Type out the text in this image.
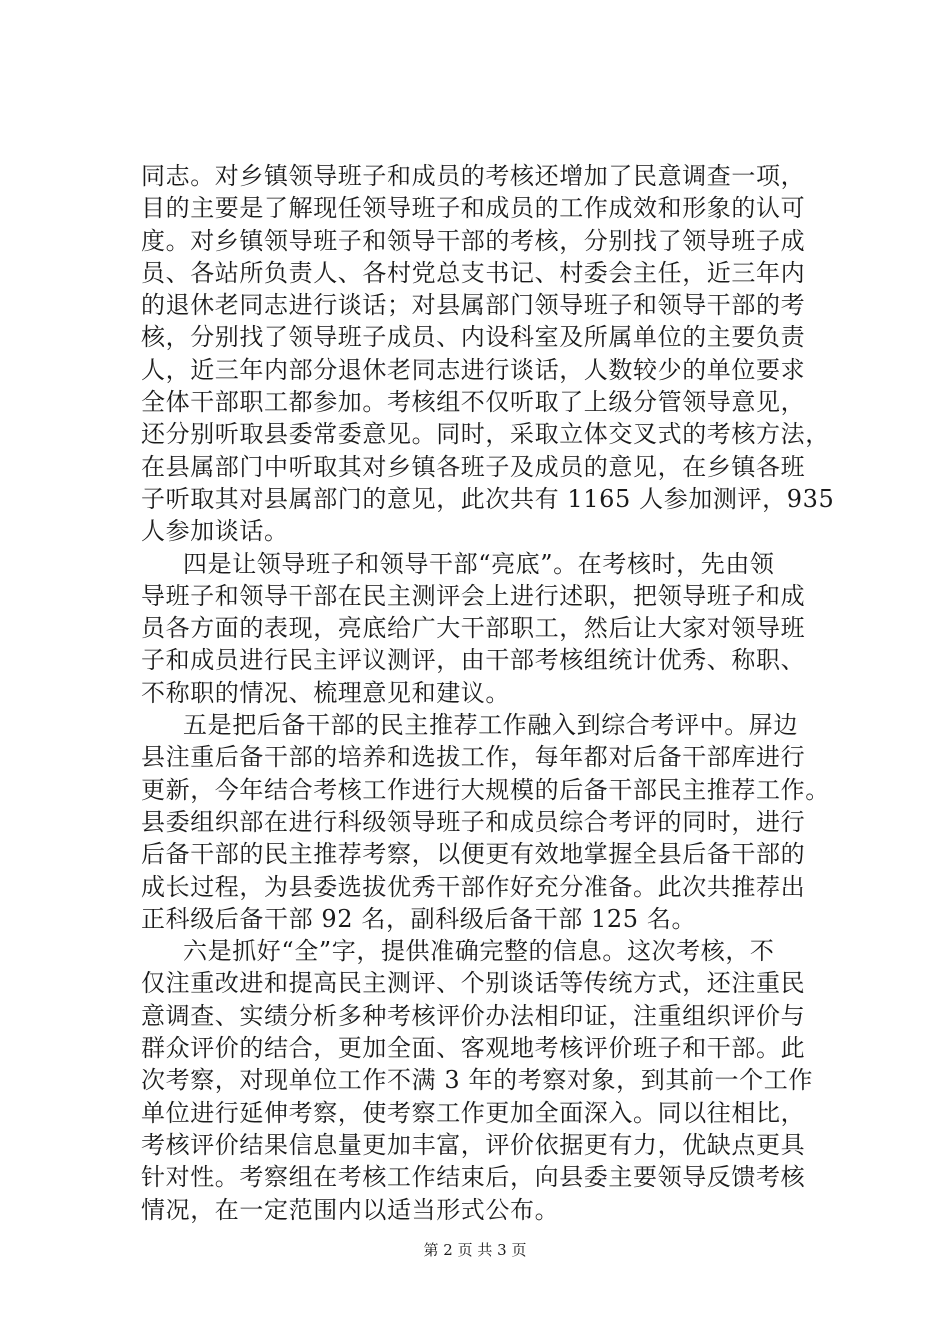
同志。对乡镇领导班子和成员的考核还增加了民意调查一项，
目的主要是了解现任领导班子和成员的工作成效和形象的认可
度。对乡镇领导班子和领导干部的考核，分别找了领导班子成
员、各站所负责人、各村党总支书记、村委会主任，近三年内
的退休老同志进行谈话；对县属部门领导班子和领导干部的考
核，分别找了领导班子成员、内设科室及所属单位的主要负责
人，近三年内部分退休老同志进行谈话，人数较少的单位要求
全体干部职工都参加。考核组不仅听取了上级分管领导意见，
还分别听取县委常委意见。同时，采取立体交叉式的考核方法，
在县属部门中听取其对乡镇各班子及成员的意见，在乡镇各班
子听取其对县属部门的意见，此次共有 1165 人参加测评，935
人参加谈话。
四是让领导班子和领导干部“亮底”。在考核时，先由领
导班子和领导干部在民主测评会上进行述职，把领导班子和成
员各方面的表现，亮底给广大干部职工，然后让大家对领导班
子和成员进行民主评议测评，由干部考核组统计优秀、称职、
不称职的情况、梳理意见和建议。
五是把后备干部的民主推荐工作融入到综合考评中。屏边
县注重后备干部的培养和选拔工作，每年都对后备干部库进行
更新，今年结合考核工作进行大规模的后备干部民主推荐工作。
县委组织部在进行科级领导班子和成员综合考评的同时，进行
后备干部的民主推荐考察，以便更有效地掌握全县后备干部的
成长过程，为县委选拔优秀干部作好充分准备。此次共推荐出
正科级后备干部 92 名，副科级后备干部 125 名。
六是抓好“全”字，提供准确完整的信息。这次考核，不
仅注重改进和提高民主测评、个别谈话等传统方式，还注重民
意调查、实绩分析多种考核评价办法相印证，注重组织评价与
群众评价的结合，更加全面、客观地考核评价班子和干部。此
次考察，对现单位工作不满 3 年的考察对象，到其前一个工作
单位进行延伸考察，使考察工作更加全面深入。同以往相比，
考核评价结果信息量更加丰富，评价依据更有力，优缺点更具
针对性。考察组在考核工作结束后，向县委主要领导反馈考核
情况，在一定范围内以适当形式公布。
第 2 页 共 3 页
